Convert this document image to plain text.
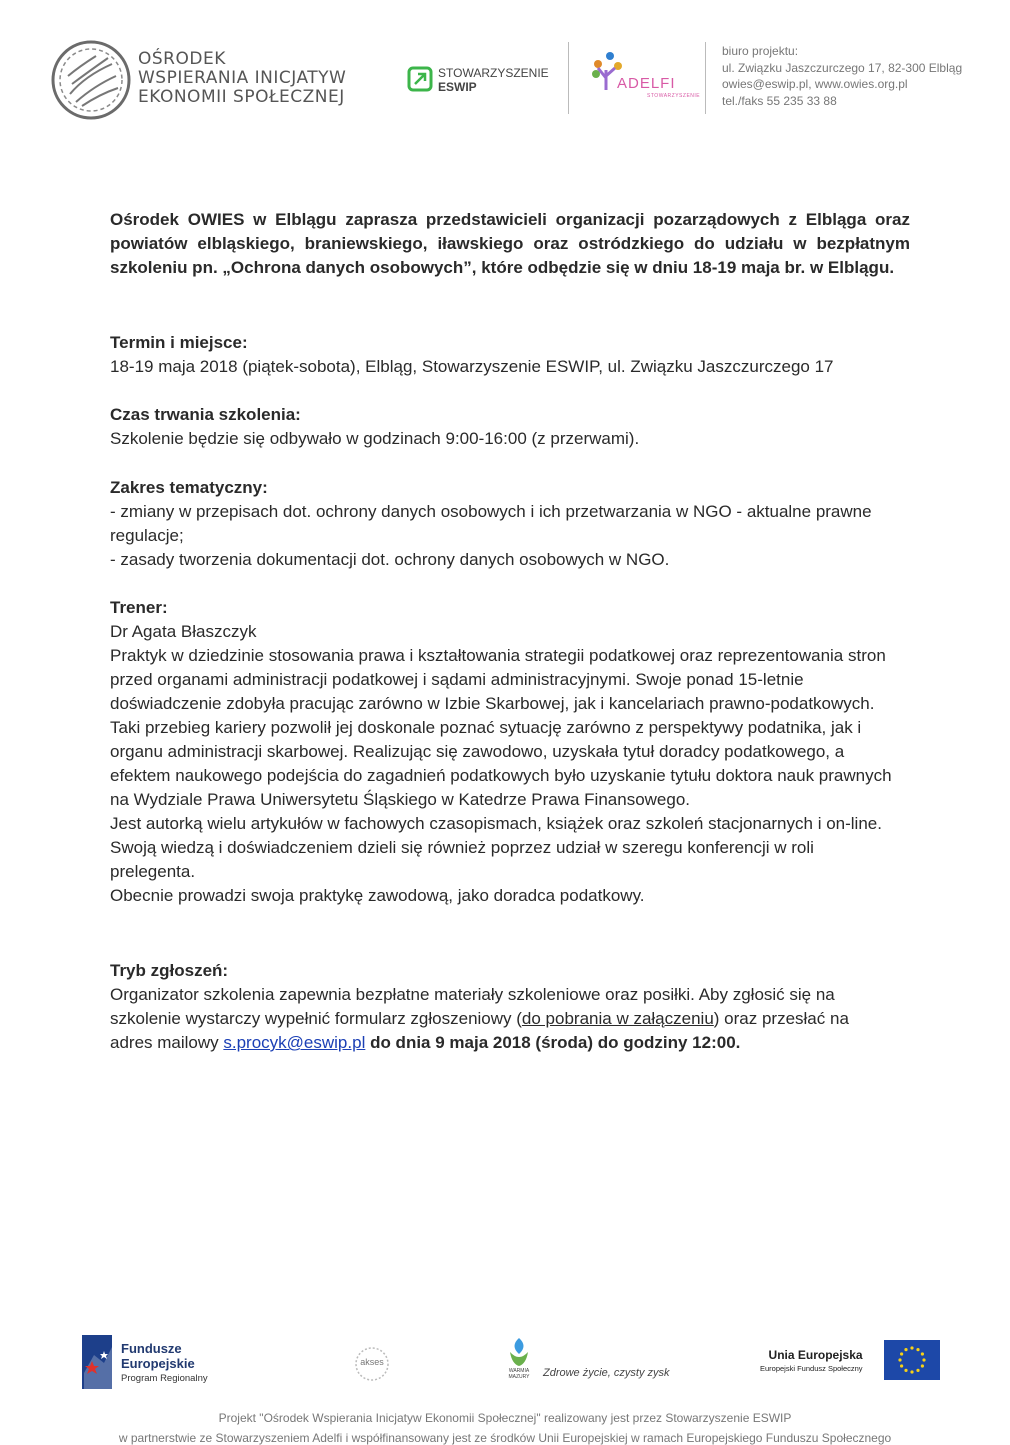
OŚRODEK
WSPIERANIA INICJATYW
EKONOMII SPOŁECZNEJ
STOWARZYSZENIE
ESWIP	ADELFI
STOWARZYSZENIE
biuro projektu:
ul. Związku Jaszczurczego 17, 82-300 Elbląg
owies@eswip.pl, www.owies.org.pl
tel./faks 55 235 33 88
Ośrodek OWIES w Elblągu zaprasza przedstawicieli organizacji pozarządowych z Elbląga oraz powiatów elbląskiego, braniewskiego, iławskiego oraz ostródzkiego do udziału w bezpłatnym szkoleniu pn. „Ochrona danych osobowych”, które odbędzie się w dniu 18-19 maja br. w Elblągu.
Termin i miejsce:
18-19 maja 2018 (piątek-sobota), Elbląg, Stowarzyszenie ESWIP, ul. Związku Jaszczurczego 17
Czas trwania szkolenia:
Szkolenie będzie się odbywało w godzinach 9:00-16:00 (z przerwami).
Zakres tematyczny:
- zmiany w przepisach dot. ochrony danych osobowych i ich przetwarzania w NGO - aktualne prawne
regulacje;
- zasady tworzenia dokumentacji dot. ochrony danych osobowych w NGO.
Trener:
Dr Agata Błaszczyk
Praktyk w dziedzinie stosowania prawa i kształtowania strategii podatkowej oraz reprezentowania stron
przed organami administracji podatkowej i sądami administracyjnymi. Swoje ponad 15-letnie
doświadczenie zdobyła pracując zarówno w Izbie Skarbowej, jak i kancelariach prawno-podatkowych.
Taki przebieg kariery pozwolił jej doskonale poznać sytuację zarówno z perspektywy podatnika, jak i
organu administracji skarbowej. Realizując się zawodowo, uzyskała tytuł doradcy podatkowego, a
efektem naukowego podejścia do zagadnień podatkowych było uzyskanie tytułu doktora nauk prawnych
na Wydziale Prawa Uniwersytetu Śląskiego w Katedrze Prawa Finansowego.
Jest autorką wielu artykułów w fachowych czasopismach, książek oraz szkoleń stacjonarnych i on-line.
Swoją wiedzą i doświadczeniem dzieli się również poprzez udział w szeregu konferencji w roli
prelegenta.
Obecnie prowadzi swoja praktykę zawodową, jako doradca podatkowy.
Tryb zgłoszeń:
Organizator szkolenia zapewnia bezpłatne materiały szkoleniowe oraz posiłki. Aby zgłosić się na
szkolenie wystarczy wypełnić formularz zgłoszeniowy (do pobrania w załączeniu) oraz przesłać na
adres mailowy s.procyk@eswip.pl do dnia 9 maja 2018 (środa) do godziny 12:00.
Fundusze
Europejskie
Program Regionalny
akses
WARMIA MAZURY	Zdrowe życie, czysty zysk
Unia Europejska
Europejski Fundusz Społeczny
Projekt "Ośrodek Wspierania Inicjatyw Ekonomii Społecznej" realizowany jest przez Stowarzyszenie ESWIP
w partnerstwie ze Stowarzyszeniem Adelfi i współfinansowany jest ze środków Unii Europejskiej w ramach Europejskiego Funduszu Społecznego
